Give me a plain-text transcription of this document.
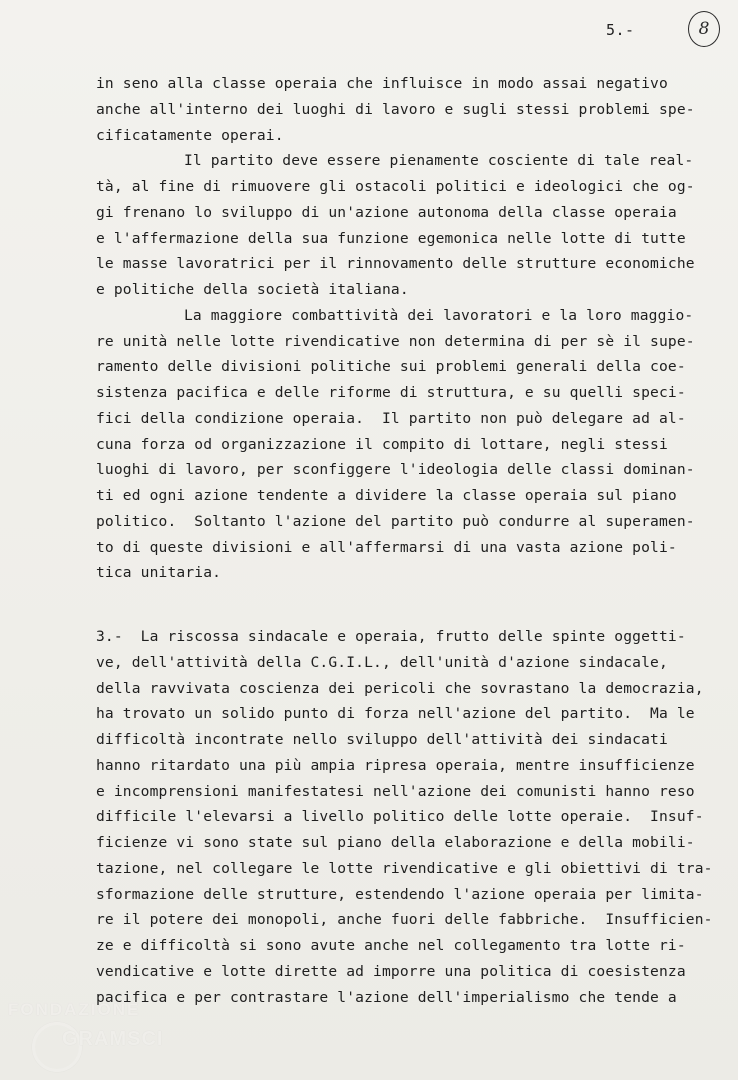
5.-	8
in seno alla classe operaia che influisce in modo assai negativo
anche all'interno dei luoghi di lavoro e sugli stessi problemi spe-
cificatamente operai.
Il partito deve essere pienamente cosciente di tale real-
tà, al fine di rimuovere gli ostacoli politici e ideologici che og-
gi frenano lo sviluppo di un'azione autonoma della classe operaia
e l'affermazione della sua funzione egemonica nelle lotte di tutte
le masse lavoratrici per il rinnovamento delle strutture economiche
e politiche della società italiana.
La maggiore combattività dei lavoratori e la loro maggio-
re unità nelle lotte rivendicative non determina di per sè il supe-
ramento delle divisioni politiche sui problemi generali della coe-
sistenza pacifica e delle riforme di struttura, e su quelli speci-
fici della condizione operaia.  Il partito non può delegare ad al-
cuna forza od organizzazione il compito di lottare, negli stessi
luoghi di lavoro, per sconfiggere l'ideologia delle classi dominan-
ti ed ogni azione tendente a dividere la classe operaia sul piano
politico.  Soltanto l'azione del partito può condurre al superamen-
to di queste divisioni e all'affermarsi di una vasta azione poli-
tica unitaria.
3.-  La riscossa sindacale e operaia, frutto delle spinte oggetti-
ve, dell'attività della C.G.I.L., dell'unità d'azione sindacale,
della ravvivata coscienza dei pericoli che sovrastano la democrazia,
ha trovato un solido punto di forza nell'azione del partito.  Ma le
difficoltà incontrate nello sviluppo dell'attività dei sindacati
hanno ritardato una più ampia ripresa operaia, mentre insufficienze
e incomprensioni manifestatesi nell'azione dei comunisti hanno reso
difficile l'elevarsi a livello politico delle lotte operaie.  Insuf-
ficienze vi sono state sul piano della elaborazione e della mobili-
tazione, nel collegare le lotte rivendicative e gli obiettivi di tra-
sformazione delle strutture, estendendo l'azione operaia per limita-
re il potere dei monopoli, anche fuori delle fabbriche.  Insufficien-
ze e difficoltà si sono avute anche nel collegamento tra lotte ri-
vendicative e lotte dirette ad imporre una politica di coesistenza
pacifica e per contrastare l'azione dell'imperialismo che tende a
FONDAZIONE
GRAMSCI
